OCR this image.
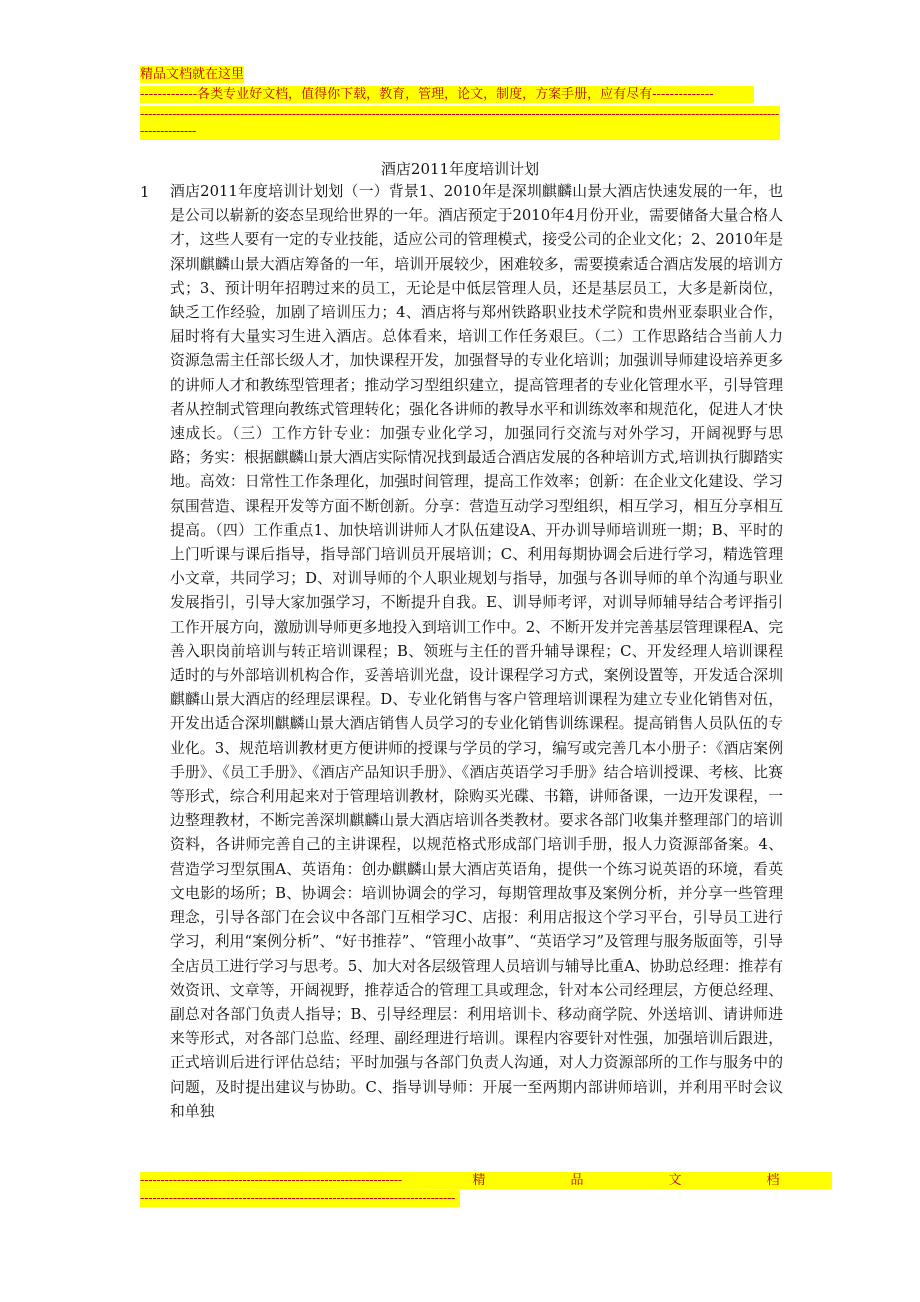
精品文档就在这里
-------------各类专业好文档，值得你下载，教育，管理，论文，制度，方案手册，应有尽有--------------
------------------------------------------------------------------------------------------------------------------------------------------------------------------------------
酒店2011年度培训计划
1 酒店2011年度培训计划划（一）背景1、2010年是深圳麒麟山景大酒店快速发展的一年，也是公司以崭新的姿态呈现给世界的一年。酒店预定于2010年4月份开业，需要储备大量合格人才，这些人要有一定的专业技能，适应公司的管理模式，接受公司的企业文化；2、2010年是深圳麒麟山景大酒店筹备的一年，培训开展较少，困难较多，需要摸索适合酒店发展的培训方式；3、预计明年招聘过来的员工，无论是中低层管理人员，还是基层员工，大多是新岗位，缺乏工作经验，加剧了培训压力；4、酒店将与郑州铁路职业技术学院和贵州亚泰职业合作，届时将有大量实习生进入酒店。总体看来，培训工作任务艰巨。（二）工作思路结合当前人力资源急需主任部长级人才，加快课程开发，加强督导的专业化培训；加强训导师建设培养更多的讲师人才和教练型管理者；推动学习型组织建立，提高管理者的专业化管理水平，引导管理者从控制式管理向教练式管理转化；强化各讲师的教导水平和训练效率和规范化，促进人才快速成长。（三）工作方针专业：加强专业化学习，加强同行交流与对外学习，开阔视野与思路；务实：根据麒麟山景大酒店实际情况找到最适合酒店发展的各种培训方式,培训执行脚踏实地。高效：日常性工作条理化，加强时间管理，提高工作效率；创新：在企业文化建设、学习氛围营造、课程开发等方面不断创新。分享：营造互动学习型组织，相互学习，相互分享相互提高。（四）工作重点1、加快培训讲师人才队伍建设A、开办训导师培训班一期；B、平时的上门听课与课后指导，指导部门培训员开展培训；C、利用每期协调会后进行学习，精选管理小文章，共同学习；D、对训导师的个人职业规划与指导，加强与各训导师的单个沟通与职业发展指引，引导大家加强学习，不断提升自我。E、训导师考评，对训导师辅导结合考评指引工作开展方向，激励训导师更多地投入到培训工作中。2、不断开发并完善基层管理课程A、完善入职岗前培训与转正培训课程；B、领班与主任的晋升辅导课程；C、开发经理人培训课程适时的与外部培训机构合作，妥善培训光盘，设计课程学习方式，案例设置等，开发适合深圳麒麟山景大酒店的经理层课程。D、专业化销售与客户管理培训课程为建立专业化销售对伍，开发出适合深圳麒麟山景大酒店销售人员学习的专业化销售训练课程。提高销售人员队伍的专业化。3、规范培训教材更方便讲师的授课与学员的学习，编写或完善几本小册子：《酒店案例手册》、《员工手册》、《酒店产品知识手册》、《酒店英语学习手册》结合培训授课、考核、比赛等形式，综合利用起来对于管理培训教材，除购买光碟、书籍，讲师备课，一边开发课程，一边整理教材，不断完善深圳麒麟山景大酒店培训各类教材。要求各部门收集并整理部门的培训资料，各讲师完善自己的主讲课程，以规范格式形成部门培训手册，报人力资源部备案。4、营造学习型氛围A、英语角：创办麒麟山景大酒店英语角，提供一个练习说英语的环境，看英文电影的场所；B、协调会：培训协调会的学习，每期管理故事及案例分析，并分享一些管理理念，引导各部门在会议中各部门互相学习C、店报：利用店报这个学习平台，引导员工进行学习，利用“案例分析”、“好书推荐”、“管理小故事”、“英语学习”及管理与服务版面等，引导全店员工进行学习与思考。5、加大对各层级管理人员培训与辅导比重A、协助总经理：推荐有效资讯、文章等，开阔视野，推荐适合的管理工具或理念，针对本公司经理层，方便总经理、副总对各部门负责人指导；B、引导经理层：利用培训卡、移动商学院、外送培训、请讲师进来等形式，对各部门总监、经理、副经理进行培训。课程内容要针对性强，加强培训后跟进，正式培训后进行评估总结；平时加强与各部门负责人沟通，对人力资源部所的工作与服务中的问题，及时提出建议与协助。C、指导训导师：开展一至两期内部讲师培训，并利用平时会议和单独
----------------------------------------------------------------	精	品	文	档
-----------------------------------------------------------------------------
